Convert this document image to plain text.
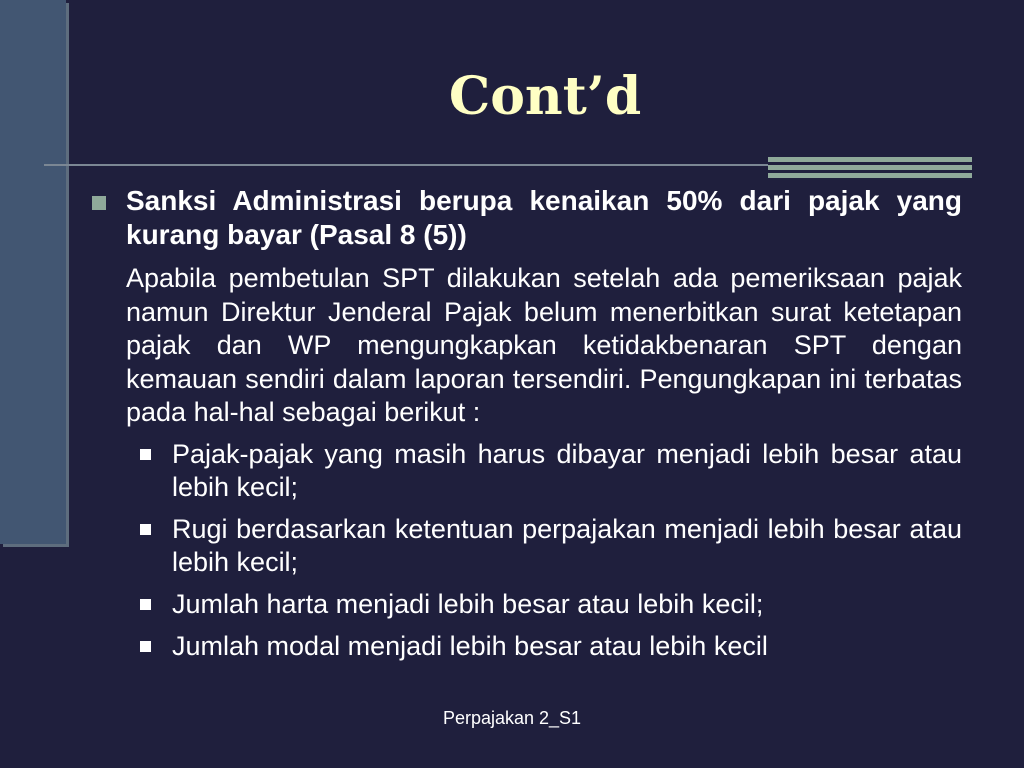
Cont’d
Sanksi Administrasi berupa kenaikan 50% dari pajak yang kurang bayar (Pasal 8 (5))
Apabila pembetulan SPT dilakukan setelah ada pemeriksaan pajak namun Direktur Jenderal Pajak belum menerbitkan surat ketetapan pajak dan WP mengungkapkan ketidakbenaran SPT dengan kemauan sendiri dalam laporan tersendiri. Pengungkapan ini terbatas pada hal-hal sebagai berikut :
Pajak-pajak yang masih harus dibayar menjadi lebih besar atau lebih kecil;
Rugi berdasarkan ketentuan perpajakan menjadi lebih besar atau lebih kecil;
Jumlah harta menjadi lebih besar atau lebih kecil;
Jumlah modal menjadi lebih besar atau lebih kecil
Perpajakan 2_S1
